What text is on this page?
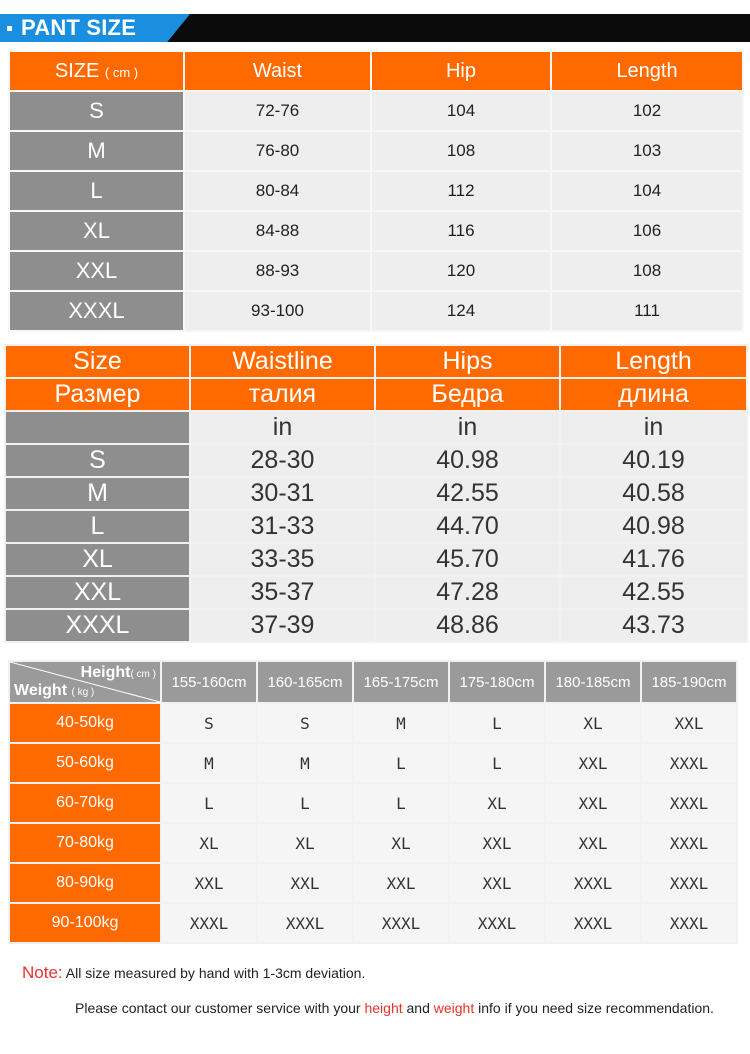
PANT SIZE
SIZE ( cm )	Waist	Hip	Length
S	72-76	104	102
M	76-80	108	103
L	80-84	112	104
XL	84-88	116	106
XXL	88-93	120	108
XXXL	93-100	124	111
Size	Waistline	Hips	Length
Размер	талия	Бедра	длина
	in	in	in
S	28-30	40.98	40.19
M	30-31	42.55	40.58
L	31-33	44.70	40.98
XL	33-35	45.70	41.76
XXL	35-37	47.28	42.55
XXXL	37-39	48.86	43.73
Height( cm )
Weight ( kg )	155-160cm	160-165cm	165-175cm	175-180cm	180-185cm	185-190cm
40-50kg	S	S	M	L	XL	XXL
50-60kg	M	M	L	L	XXL	XXXL
60-70kg	L	L	L	XL	XXL	XXXL
70-80kg	XL	XL	XL	XXL	XXL	XXXL
80-90kg	XXL	XXL	XXL	XXL	XXXL	XXXL
90-100kg	XXXL	XXXL	XXXL	XXXL	XXXL	XXXL
Note: All size measured by hand with 1-3cm deviation.
Please contact our customer service with your height and weight info if you need size recommendation.
